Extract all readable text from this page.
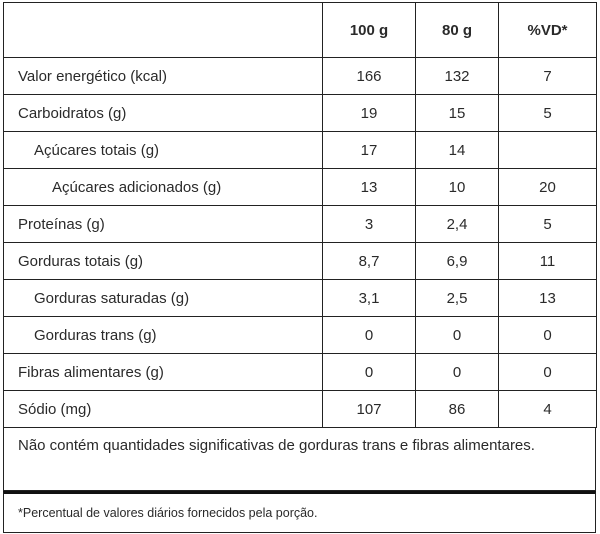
	100 g	80 g	%VD*
Valor energético (kcal)	166	132	7
Carboidratos (g)	19	15	5
Açúcares totais (g)	17	14	
Açúcares adicionados (g)	13	10	20
Proteínas (g)	3	2,4	5
Gorduras totais (g)	8,7	6,9	11
Gorduras saturadas (g)	3,1	2,5	13
Gorduras trans (g)	0	0	0
Fibras alimentares (g)	0	0	0
Sódio (mg)	107	86	4
Não contém quantidades significativas de gorduras trans e fibras alimentares.
*Percentual de valores diários fornecidos pela porção.
